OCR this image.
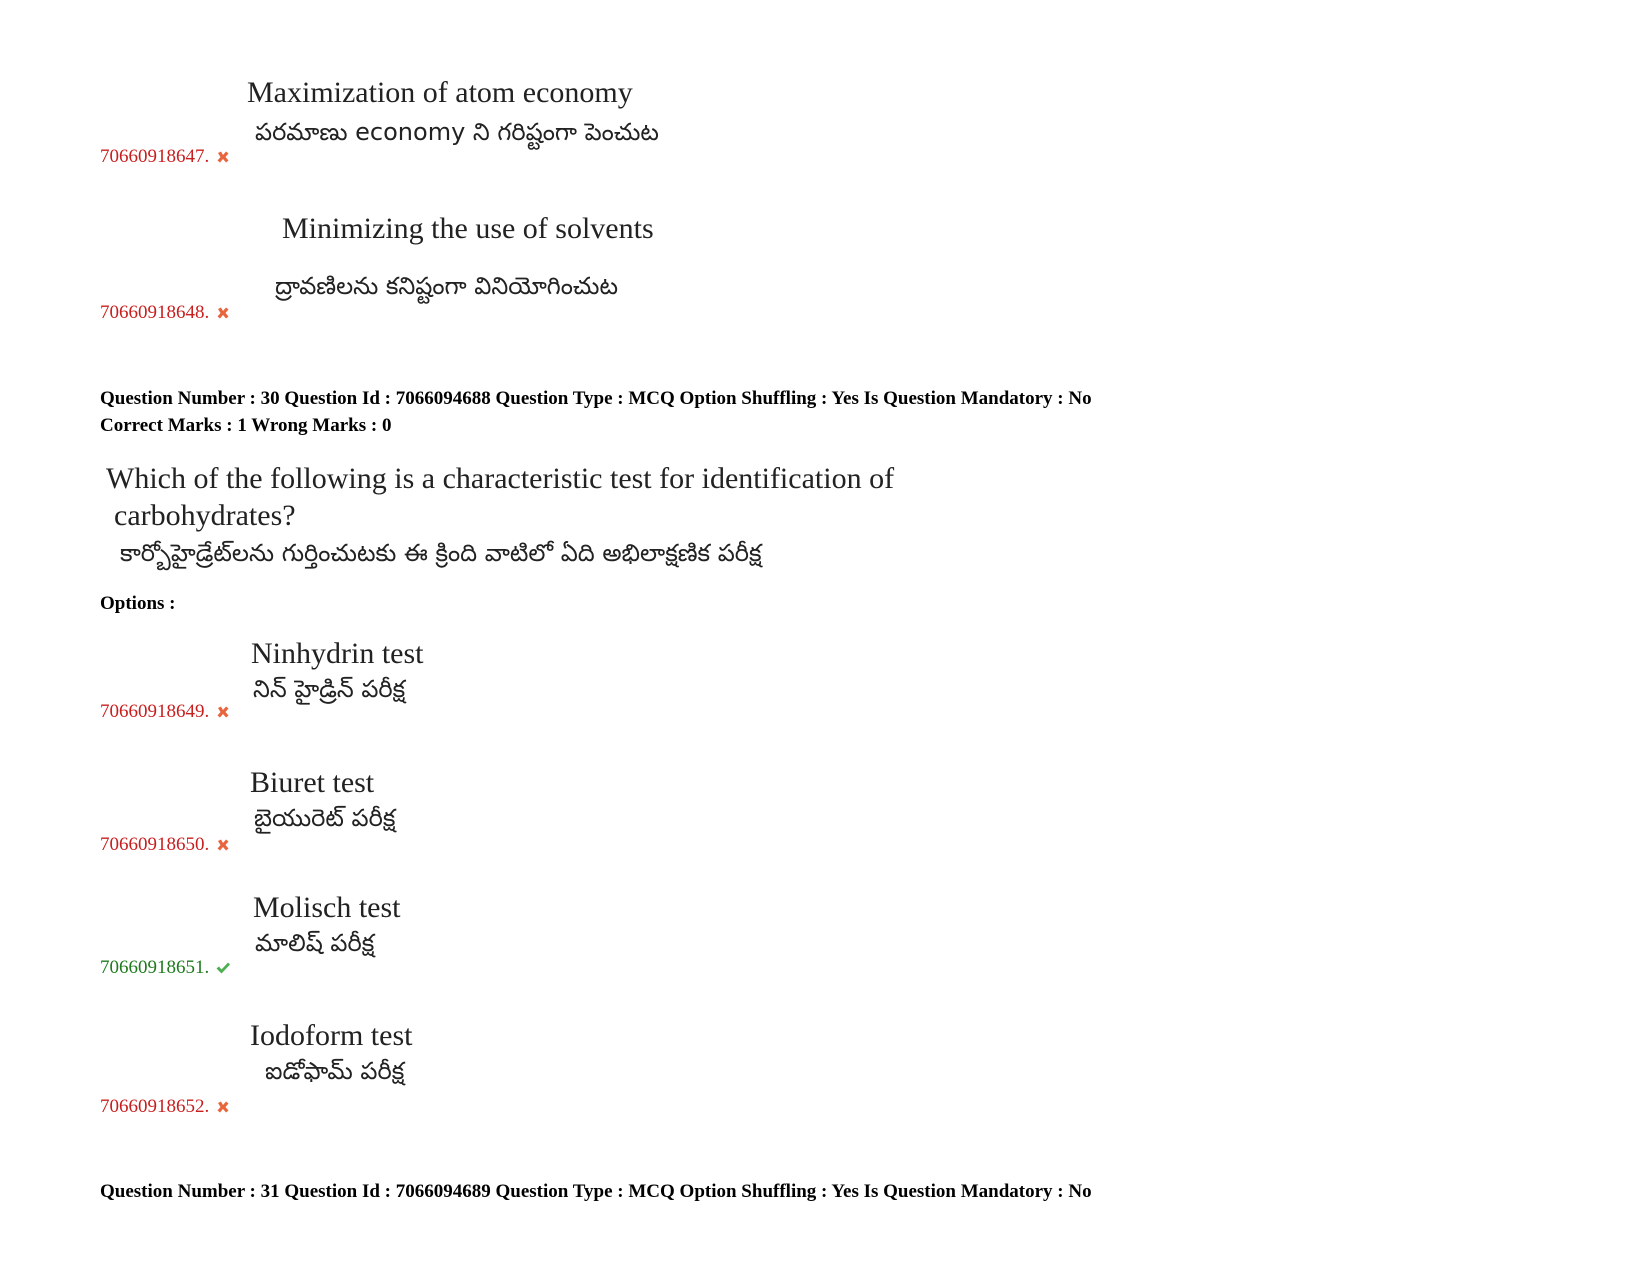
Maximization of atom economy
పరమాణు economy ని గరిష్టంగా పెంచుట
70660918647.
Minimizing the use of solvents
ద్రావణిలను కనిష్టంగా వినియోగించుట
70660918648.
Question Number : 30 Question Id : 7066094688 Question Type : MCQ Option Shuffling : Yes Is Question Mandatory : No
Correct Marks : 1 Wrong Marks : 0
Which of the following is a characteristic test for identification of
carbohydrates?
కార్బోహైడ్రేట్‌లను గుర్తించుటకు ఈ క్రింది వాటిలో ఏది అభిలాక్షణిక పరీక్ష
Options :
Ninhydrin test
నిన్ హైడ్రిన్ పరీక్ష
70660918649.
Biuret test
బైయురెట్ పరీక్ష
70660918650.
Molisch test
మాలిష్ పరీక్ష
70660918651.
Iodoform test
ఐడోఫామ్ పరీక్ష
70660918652.
Question Number : 31 Question Id : 7066094689 Question Type : MCQ Option Shuffling : Yes Is Question Mandatory : No
